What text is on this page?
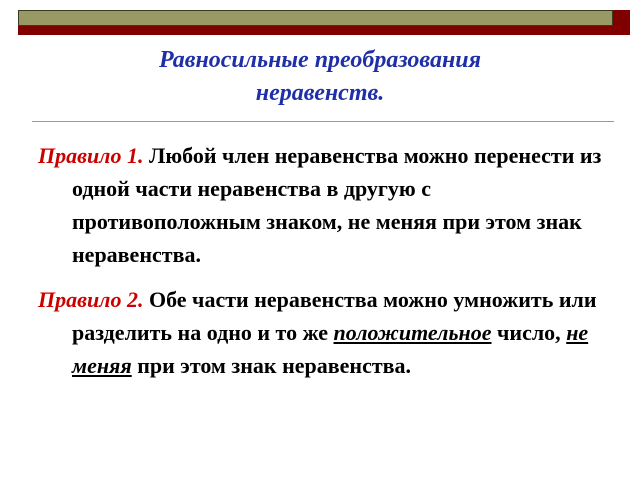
Равносильные преобразования
неравенств.
Правило 1. Любой член неравенства можно перенести из одной части неравенства в другую с противоположным знаком, не меняя при этом знак неравенства.
Правило 2. Обе части неравенства можно умножить или разделить на одно и то же положительное число, не меняя при этом знак неравенства.
